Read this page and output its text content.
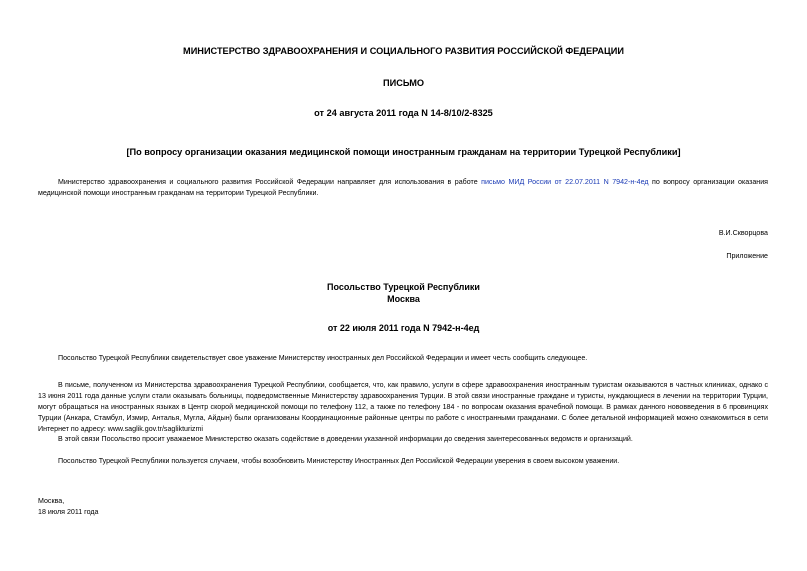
МИНИСТЕРСТВО ЗДРАВООХРАНЕНИЯ И СОЦИАЛЬНОГО РАЗВИТИЯ РОССИЙСКОЙ ФЕДЕРАЦИИ
ПИСЬМО
от 24 августа 2011 года N 14-8/10/2-8325
[По вопросу организации оказания медицинской помощи иностранным гражданам на территории Турецкой Республики]
Министерство здравоохранения и социального развития Российской Федерации направляет для использования в работе письмо МИД России от 22.07.2011 N 7942-н-4ед по вопросу организации оказания медицинской помощи иностранным гражданам на территории Турецкой Республики.
В.И.Скворцова
Приложение
Посольство Турецкой Республики
Москва
от 22 июля 2011 года N 7942-н-4ед
Посольство Турецкой Республики свидетельствует свое уважение Министерству иностранных дел Российской Федерации и имеет честь сообщить следующее.
В письме, полученном из Министерства здравоохранения Турецкой Республики, сообщается, что, как правило, услуги в сфере здравоохранения иностранным туристам оказываются в частных клиниках, однако с 13 июня 2011 года данные услуги стали оказывать больницы, подведомственные Министерству здравоохранения Турции. В этой связи иностранные граждане и туристы, нуждающиеся в лечении на территории Турции, могут обращаться на иностранных языках в Центр скорой медицинской помощи по телефону 112, а также по телефону 184 - по вопросам оказания врачебной помощи. В рамках данного нововведения в 6 провинциях Турции (Анкара, Стамбул, Измир, Анталья, Мугла, Айдын) были организованы Координационные районные центры по работе с иностранными гражданами. С более детальной информацией можно ознакомиться в сети Интернет по адресу: www.saglik.gov.tr/saglikturizmi
В этой связи Посольство просит уважаемое Министерство оказать содействие в доведении указанной информации до сведения заинтересованных ведомств и организаций.
Посольство Турецкой Республики пользуется случаем, чтобы возобновить Министерству Иностранных Дел Российской Федерации уверения в своем высоком уважении.
Москва,
18 июля 2011 года
